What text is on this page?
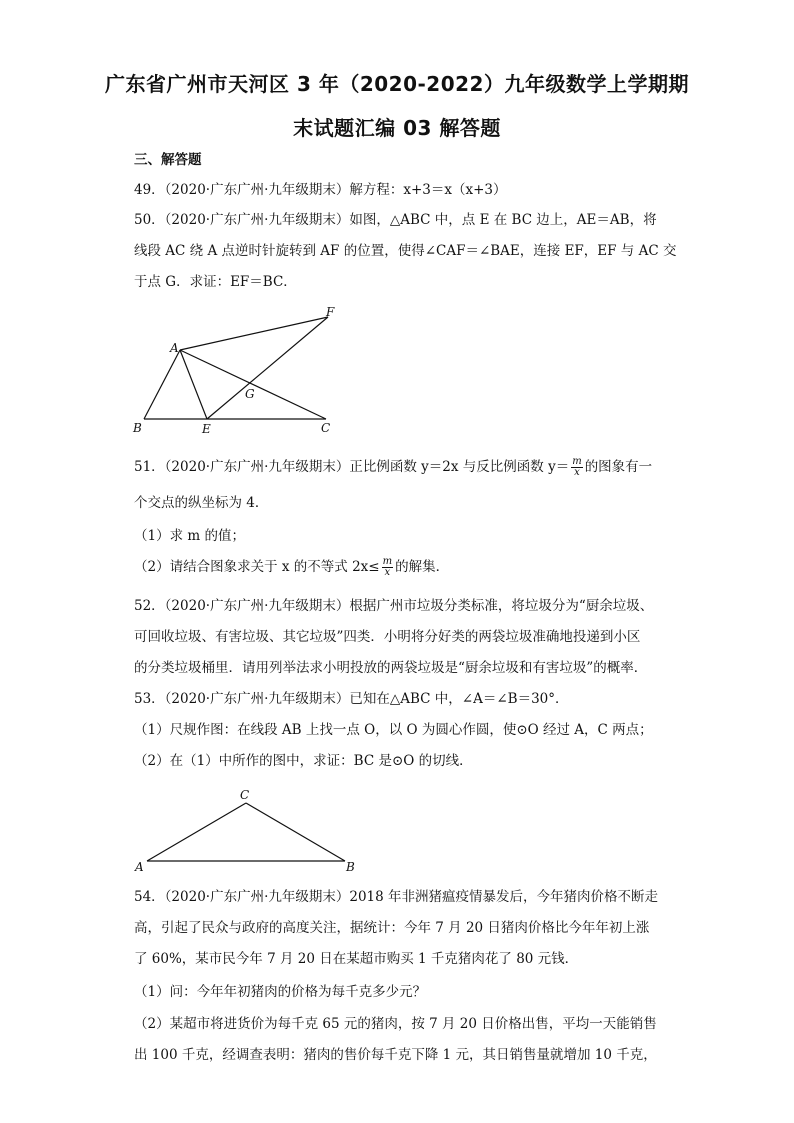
广东省广州市天河区 3 年（2020-2022）九年级数学上学期期
末试题汇编 03 解答题
三、解答题
49．（2020·广东广州·九年级期末）解方程：x+3＝x（x+3）
50．（2020·广东广州·九年级期末）如图，△ABC 中，点 E 在 BC 边上，AE＝AB，将
线段 AC 绕 A 点逆时针旋转到 AF 的位置，使得∠CAF＝∠BAE，连接 EF，EF 与 AC 交
于点 G．求证：EF＝BC．
A
B	E	C
F
G
51．（2020·广东广州·九年级期末）正比例函数 y＝2x 与反比例函数 $y= \frac{m}{x}$ 的图象有一
个交点的纵坐标为 4．
（1）求 m 的值；
（2）请结合图象求关于 x 的不等式 $2x\le \frac{m}{x}$ 的解集．
52．（2020·广东广州·九年级期末）根据广州市垃圾分类标准，将垃圾分为“厨余垃圾、
可回收垃圾、有害垃圾、其它垃圾”四类．小明将分好类的两袋垃圾准确地投递到小区
的分类垃圾桶里．请用列举法求小明投放的两袋垃圾是“厨余垃圾和有害垃圾”的概率．
53．（2020·广东广州·九年级期末）已知在△ABC 中，∠A＝∠B＝30°．
（1）尺规作图：在线段 AB 上找一点 O，以 O 为圆心作圆，使⊙O 经过 A，C 两点；
（2）在（1）中所作的图中，求证：BC 是⊙O 的切线．
C
A	B
54．（2020·广东广州·九年级期末）2018 年非洲猪瘟疫情暴发后，今年猪肉价格不断走
高，引起了民众与政府的高度关注，据统计：今年 7 月 20 日猪肉价格比今年年初上涨
了 60%，某市民今年 7 月 20 日在某超市购买 1 千克猪肉花了 80 元钱．
（1）问：今年年初猪肉的价格为每千克多少元？
（2）某超市将进货价为每千克 65 元的猪肉，按 7 月 20 日价格出售，平均一天能销售
出 100 千克，经调查表明：猪肉的售价每千克下降 1 元，其日销售量就增加 10 千克，
